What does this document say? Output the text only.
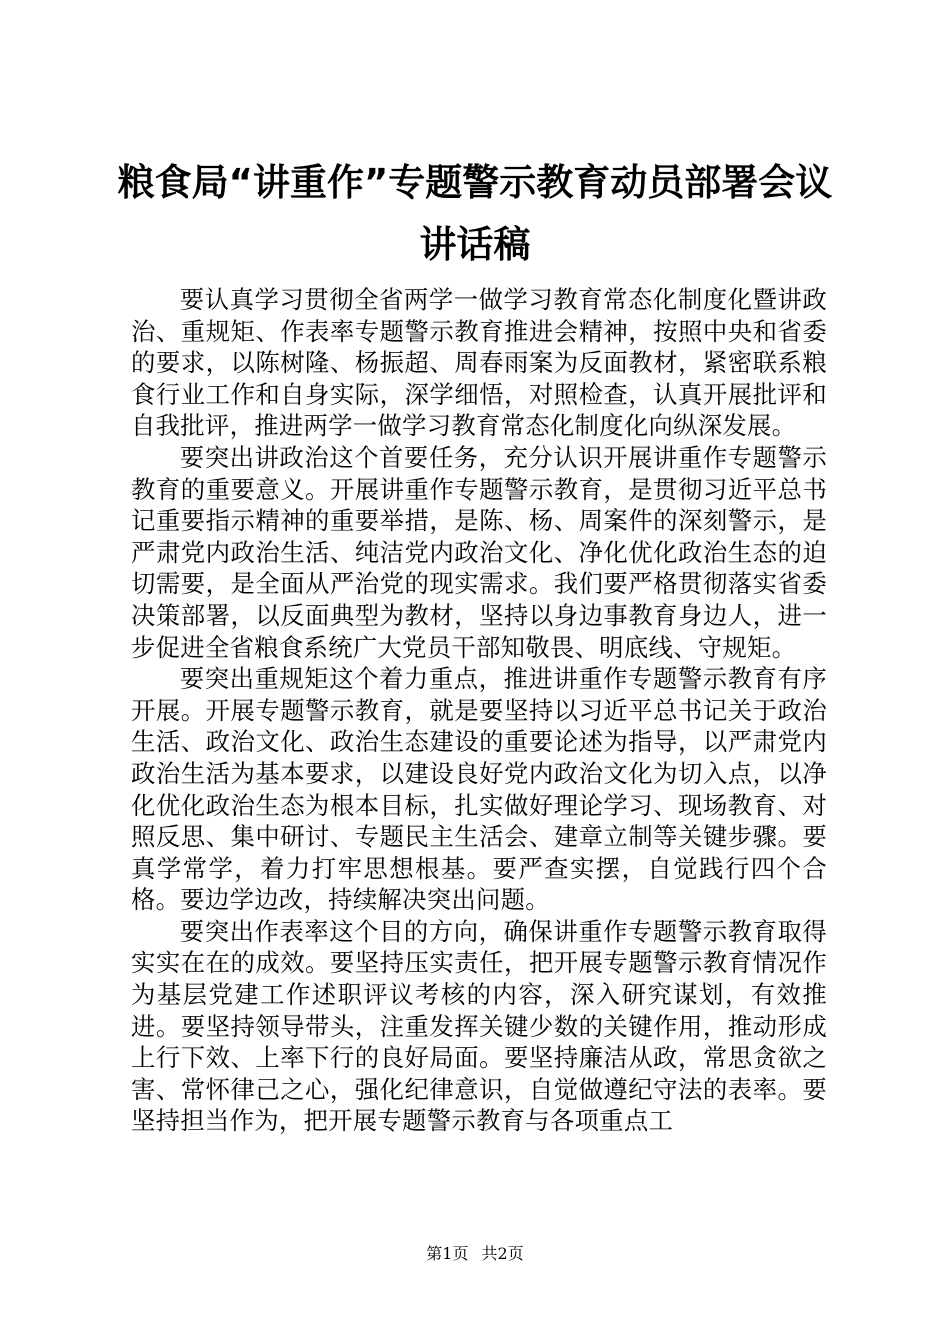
粮食局“讲重作”专题警示教育动员部署会议
讲话稿

要认真学习贯彻全省两学一做学习教育常态化制度化暨讲政治、重规矩、作表率专题警示教育推进会精神，按照中央和省委的要求，以陈树隆、杨振超、周春雨案为反面教材，紧密联系粮食行业工作和自身实际，深学细悟，对照检查，认真开展批评和自我批评，推进两学一做学习教育常态化制度化向纵深发展。

要突出讲政治这个首要任务，充分认识开展讲重作专题警示教育的重要意义。开展讲重作专题警示教育，是贯彻习近平总书记重要指示精神的重要举措，是陈、杨、周案件的深刻警示，是严肃党内政治生活、纯洁党内政治文化、净化优化政治生态的迫切需要，是全面从严治党的现实需求。我们要严格贯彻落实省委决策部署，以反面典型为教材，坚持以身边事教育身边人，进一步促进全省粮食系统广大党员干部知敬畏、明底线、守规矩。

要突出重规矩这个着力重点，推进讲重作专题警示教育有序开展。开展专题警示教育，就是要坚持以习近平总书记关于政治生活、政治文化、政治生态建设的重要论述为指导，以严肃党内政治生活为基本要求，以建设良好党内政治文化为切入点，以净化优化政治生态为根本目标，扎实做好理论学习、现场教育、对照反思、集中研讨、专题民主生活会、建章立制等关键步骤。要真学常学，着力打牢思想根基。要严查实摆，自觉践行四个合格。要边学边改，持续解决突出问题。

要突出作表率这个目的方向，确保讲重作专题警示教育取得实实在在的成效。要坚持压实责任，把开展专题警示教育情况作为基层党建工作述职评议考核的内容，深入研究谋划，有效推进。要坚持领导带头，注重发挥关键少数的关键作用，推动形成上行下效、上率下行的良好局面。要坚持廉洁从政，常思贪欲之害、常怀律己之心，强化纪律意识，自觉做遵纪守法的表率。要坚持担当作为，把开展专题警示教育与各项重点工

第1页 共2页
